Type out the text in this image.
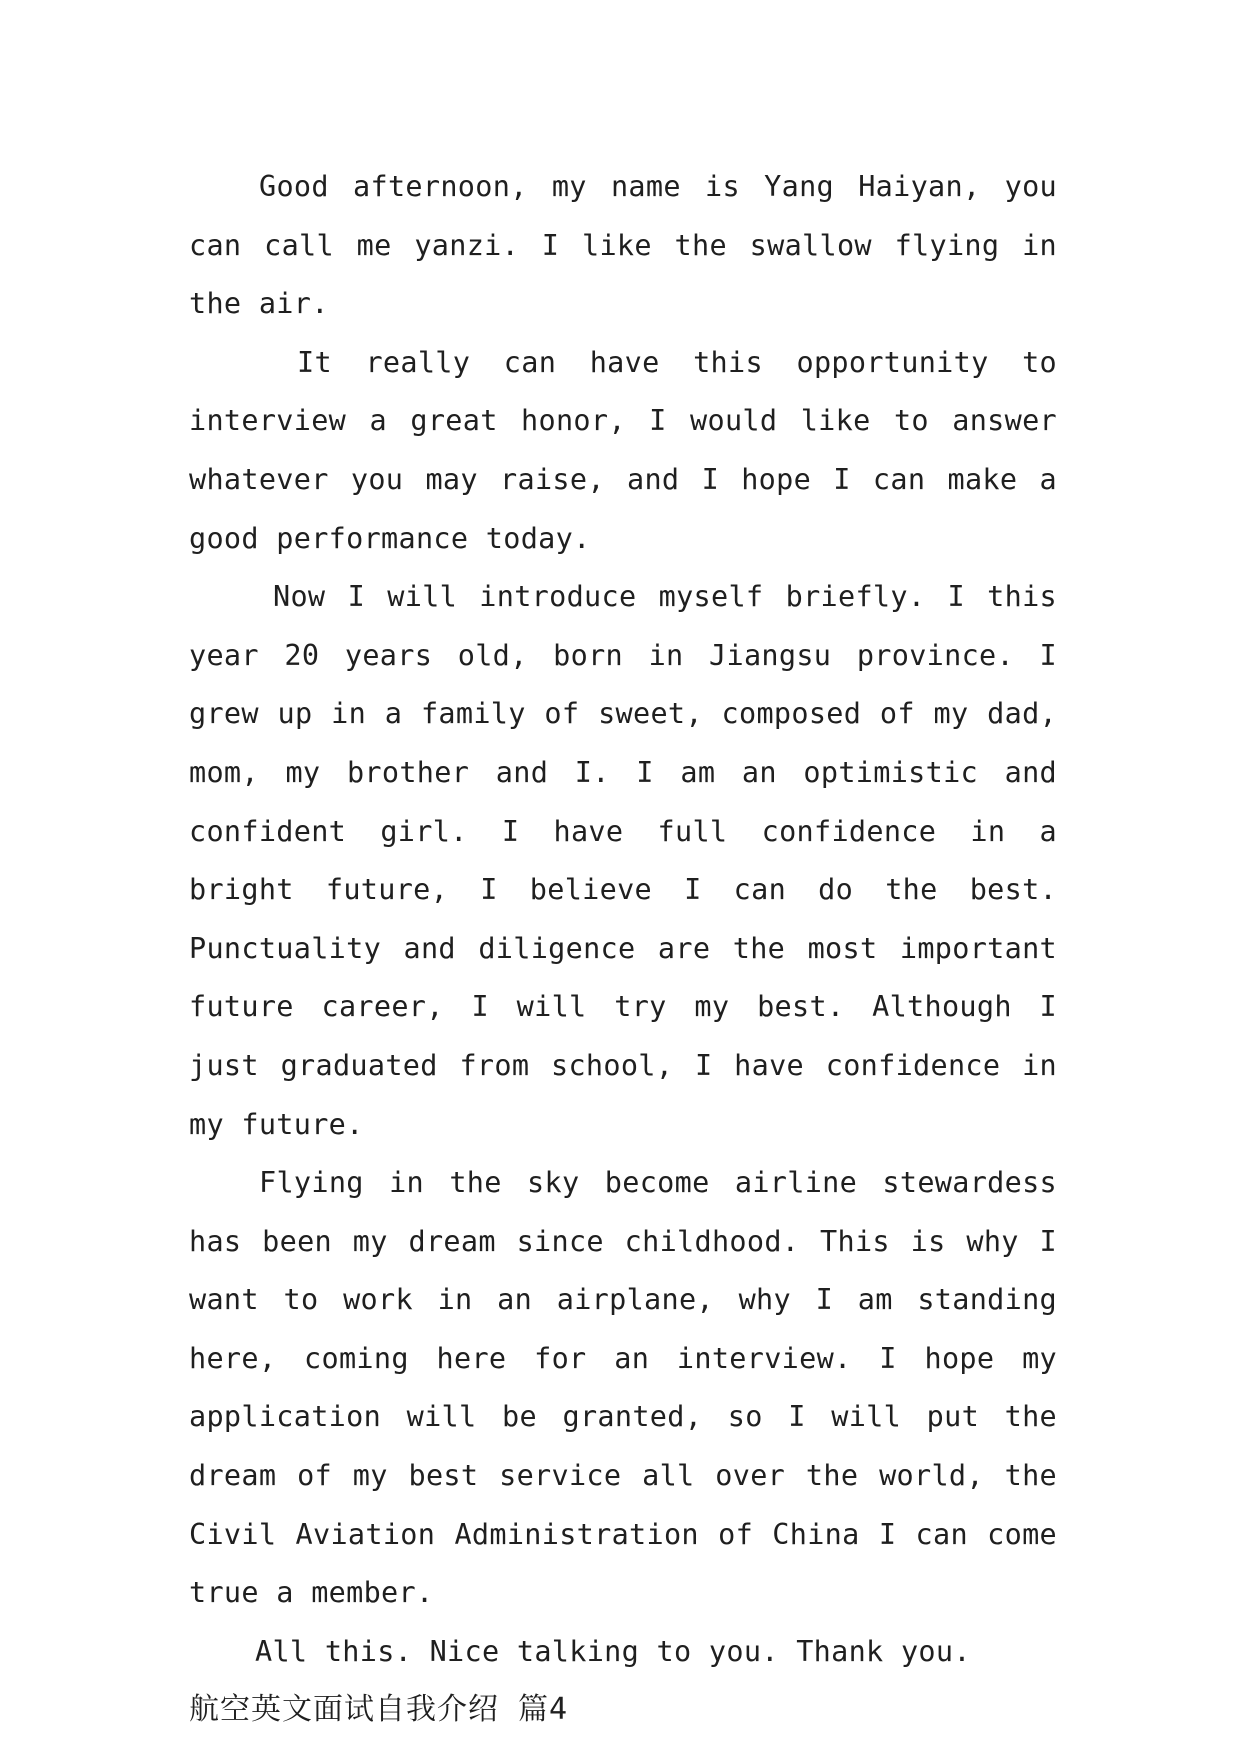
Good afternoon, my name is Yang Haiyan, you can call me yanzi. I like the swallow flying in the air.

It really can have this opportunity to interview a great honor, I would like to answer whatever you may raise, and I hope I can make a good performance today.

Now I will introduce myself briefly. I this year 20 years old, born in Jiangsu province. I grew up in a family of sweet, composed of my dad, mom, my brother and I. I am an optimistic and confident girl. I have full confidence in a bright future, I believe I can do the best. Punctuality and diligence are the most important future career, I will try my best. Although I just graduated from school, I have confidence in my future.

Flying in the sky become airline stewardess has been my dream since childhood. This is why I want to work in an airplane, why I am standing here, coming here for an interview. I hope my application will be granted, so I will put the dream of my best service all over the world, the Civil Aviation Administration of China I can come true a member.

All this. Nice talking to you. Thank you.

航空英文面试自我介绍 篇4
